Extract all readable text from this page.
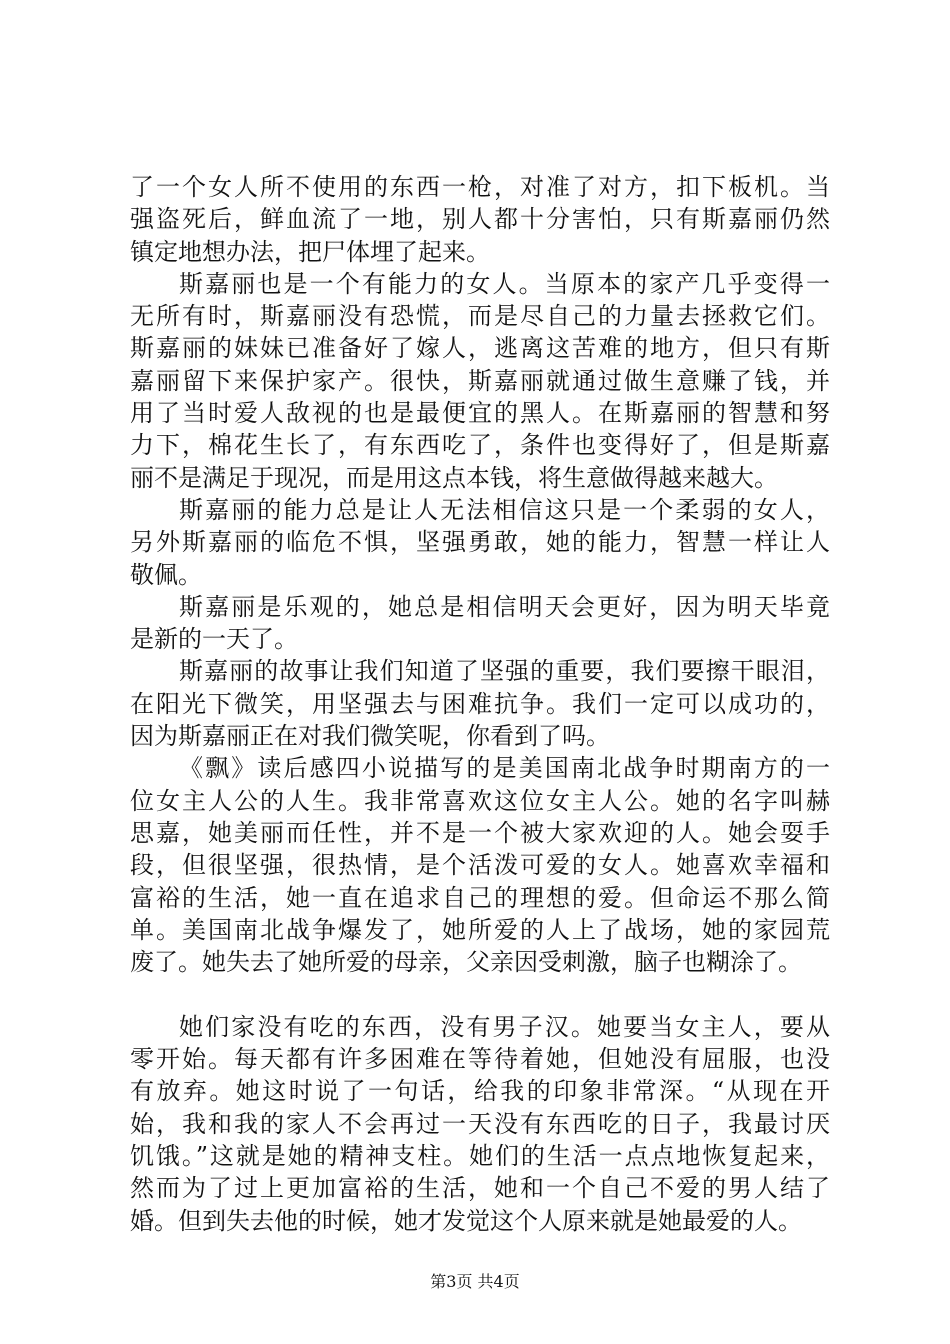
了一个女人所不使用的东西一枪，对准了对方，扣下板机。当
强盗死后，鲜血流了一地，别人都十分害怕，只有斯嘉丽仍然
镇定地想办法，把尸体埋了起来。
斯嘉丽也是一个有能力的女人。当原本的家产几乎变得一
无所有时，斯嘉丽没有恐慌，而是尽自己的力量去拯救它们。
斯嘉丽的妹妹已准备好了嫁人，逃离这苦难的地方，但只有斯
嘉丽留下来保护家产。很快，斯嘉丽就通过做生意赚了钱，并
用了当时爱人敌视的也是最便宜的黑人。在斯嘉丽的智慧和努
力下，棉花生长了，有东西吃了，条件也变得好了，但是斯嘉
丽不是满足于现况，而是用这点本钱，将生意做得越来越大。
斯嘉丽的能力总是让人无法相信这只是一个柔弱的女人，
另外斯嘉丽的临危不惧，坚强勇敢，她的能力，智慧一样让人
敬佩。
斯嘉丽是乐观的，她总是相信明天会更好，因为明天毕竟
是新的一天了。
斯嘉丽的故事让我们知道了坚强的重要，我们要擦干眼泪，
在阳光下微笑，用坚强去与困难抗争。我们一定可以成功的，
因为斯嘉丽正在对我们微笑呢，你看到了吗。
《飘》读后感四小说描写的是美国南北战争时期南方的一
位女主人公的人生。我非常喜欢这位女主人公。她的名字叫赫
思嘉，她美丽而任性，并不是一个被大家欢迎的人。她会耍手
段，但很坚强，很热情，是个活泼可爱的女人。她喜欢幸福和
富裕的生活，她一直在追求自己的理想的爱。但命运不那么简
单。美国南北战争爆发了，她所爱的人上了战场，她的家园荒
废了。她失去了她所爱的母亲，父亲因受刺激，脑子也糊涂了。
她们家没有吃的东西，没有男子汉。她要当女主人，要从
零开始。每天都有许多困难在等待着她，但她没有屈服，也没
有放弃。她这时说了一句话，给我的印象非常深。“从现在开
始，我和我的家人不会再过一天没有东西吃的日子，我最讨厌
饥饿。”这就是她的精神支柱。她们的生活一点点地恢复起来，
然而为了过上更加富裕的生活，她和一个自己不爱的男人结了
婚。但到失去他的时候，她才发觉这个人原来就是她最爱的人。
第3页 共4页
